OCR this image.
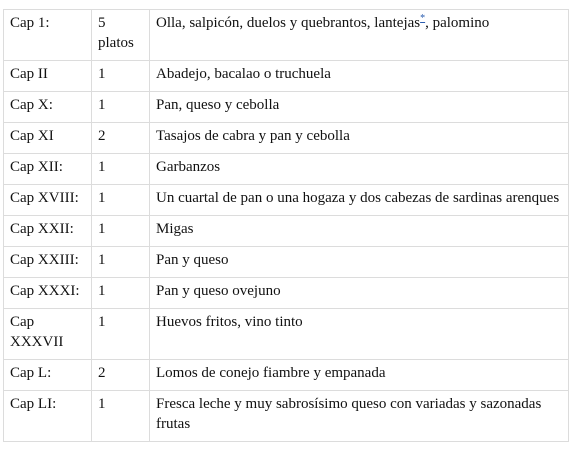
Cap 1:	5 platos	Olla, salpicón, duelos y quebrantos, lantejas*, palomino
Cap II	1	Abadejo, bacalao o truchuela
Cap X:	1	Pan, queso y cebolla
Cap XI	2	Tasajos de cabra y pan y cebolla
Cap XII:	1	Garbanzos
Cap XVIII:	1	Un cuartal de pan o una hogaza y dos cabezas de sardinas arenques
Cap XXII:	1	Migas
Cap XXIII:	1	Pan y queso
Cap XXXI:	1	Pan y queso ovejuno
Cap XXXVII	1	Huevos fritos, vino tinto
Cap L:	2	Lomos de conejo fiambre y empanada
Cap LI:	1	Fresca leche y muy sabrosísimo queso con variadas y sazonadas frutas
